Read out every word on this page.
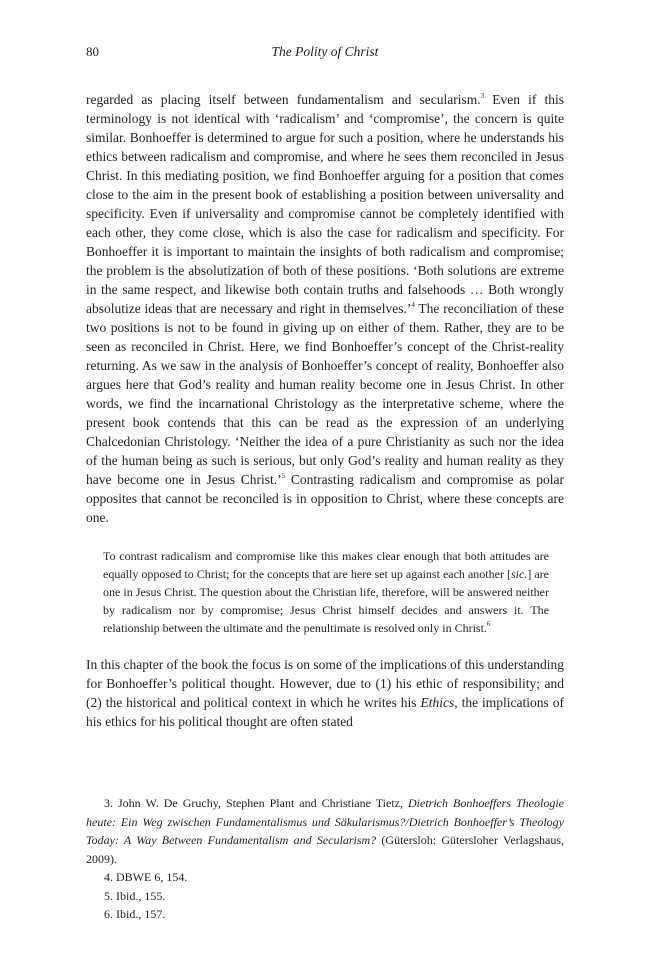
80	The Polity of Christ

regarded as placing itself between fundamentalism and secularism.$^3$ Even if this terminology is not identical with ‘radicalism’ and ‘compromise’, the concern is quite similar. Bonhoeffer is determined to argue for such a position, where he understands his ethics between radicalism and compromise, and where he sees them reconciled in Jesus Christ. In this mediating position, we find Bonhoeffer arguing for a position that comes close to the aim in the present book of establishing a position between universality and specificity. Even if universality and compromise cannot be completely identified with each other, they come close, which is also the case for radicalism and specificity. For Bonhoeffer it is important to maintain the insights of both radicalism and compromise; the problem is the absolutization of both of these positions. ‘Both solutions are extreme in the same respect, and likewise both contain truths and falsehoods … Both wrongly absolutize ideas that are necessary and right in themselves.’$^4$ The reconciliation of these two positions is not to be found in giving up on either of them. Rather, they are to be seen as reconciled in Christ. Here, we find Bonhoeffer’s concept of the Christ-reality returning. As we saw in the analysis of Bonhoeffer’s concept of reality, Bonhoeffer also argues here that God’s reality and human reality become one in Jesus Christ. In other words, we find the incarnational Christology as the interpretative scheme, where the present book contends that this can be read as the expression of an underlying Chalcedonian Christology. ‘Neither the idea of a pure Christianity as such nor the idea of the human being as such is serious, but only God’s reality and human reality as they have become one in Jesus Christ.’$^5$ Contrasting radicalism and compromise as polar opposites that cannot be reconciled is in opposition to Christ, where these concepts are one.

To contrast radicalism and compromise like this makes clear enough that both attitudes are equally opposed to Christ; for the concepts that are here set up against each another [sic.] are one in Jesus Christ. The question about the Christian life, therefore, will be answered neither by radicalism nor by compromise; Jesus Christ himself decides and answers it. The relationship between the ultimate and the penultimate is resolved only in Christ.$^6$

In this chapter of the book the focus is on some of the implications of this understanding for Bonhoeffer’s political thought. However, due to (1) his ethic of responsibility; and (2) the historical and political context in which he writes his Ethics, the implications of his ethics for his political thought are often stated

3. John W. De Gruchy, Stephen Plant and Christiane Tietz, Dietrich Bonhoeffers Theologie heute: Ein Weg zwischen Fundamentalismus und Säkularismus?/Dietrich Bonhoeffer’s Theology Today: A Way Between Fundamentalism and Secularism? (Gütersloh: Gütersloher Verlagshaus, 2009).

4. DBWE 6, 154.

5. Ibid., 155.

6. Ibid., 157.
